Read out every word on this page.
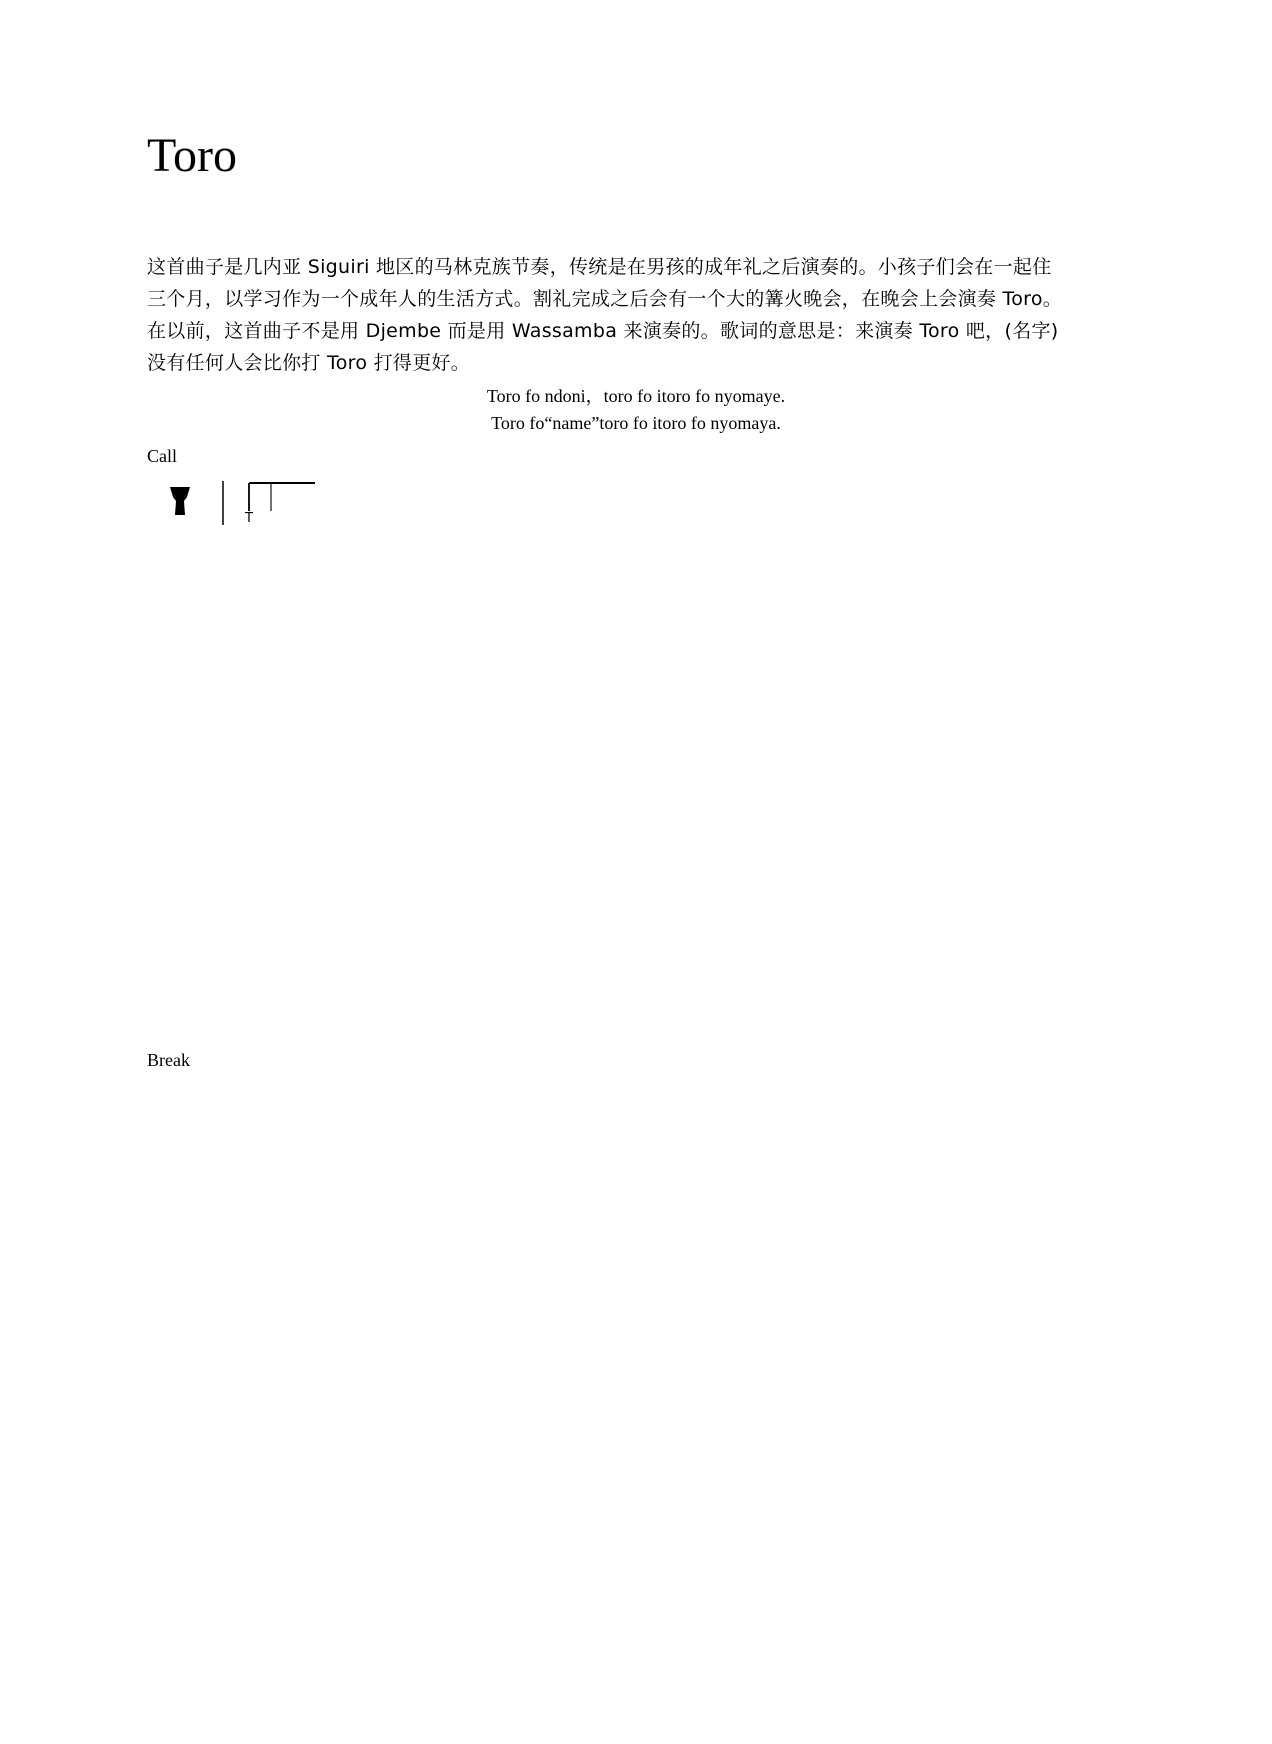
Toro
这首曲子是几内亚 Siguiri 地区的马林克族节奏，传统是在男孩的成年礼之后演奏的。小孩子们会在一起住
三个月，以学习作为一个成年人的生活方式。割礼完成之后会有一个大的篝火晚会，在晚会上会演奏 Toro。
在以前，这首曲子不是用 Djembe 而是用 Wassamba 来演奏的。歌词的意思是：来演奏 Toro 吧，(名字)
没有任何人会比你打 Toro 打得更好。
Toro fo ndoni，toro fo itoro fo nyomaye.
Toro fo“name”toro fo itoro fo nyomaya.
Call
Break
T
